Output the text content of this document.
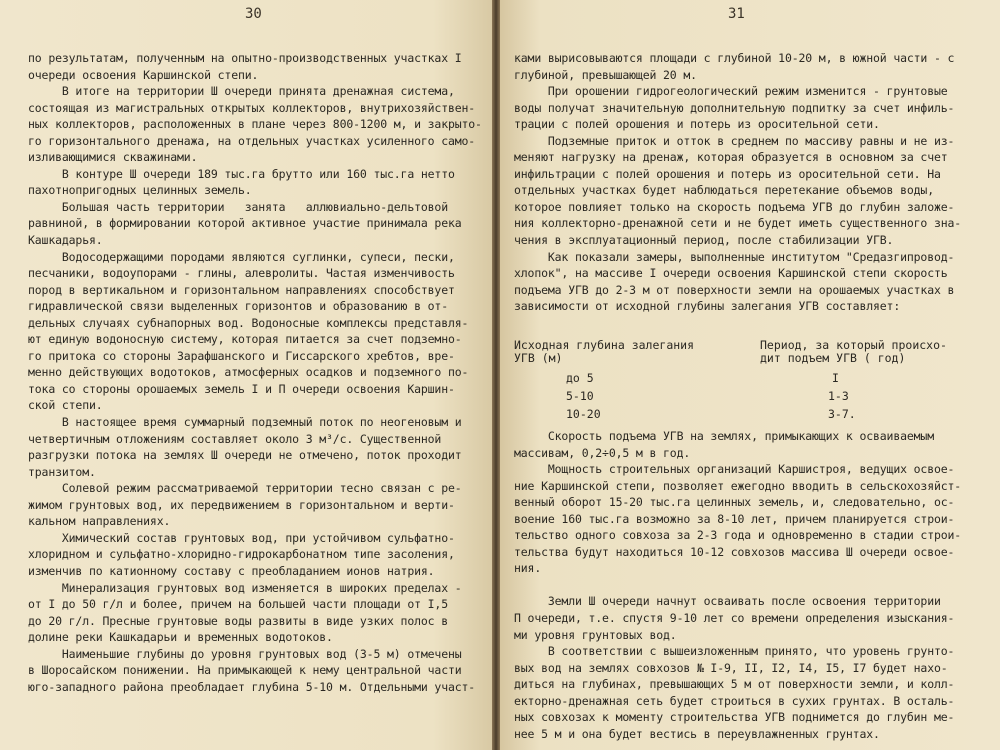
30
по результатам, полученным на опытно-производственных участках I
очереди освоения Каршинской степи.
В итоге на территории Ш очереди принята дренажная система,
состоящая из магистральных открытых коллекторов, внутрихозяйствен-
ных коллекторов, расположенных в плане через 800-1200 м, и закрыто-
го горизонтального дренажа, на отдельных участках усиленного само-
изливающимися скважинами.
В контуре Ш очереди 189 тыс.га брутто или 160 тыс.га нетто
пахотнопригодных целинных земель.
Большая часть территории   занята   аллювиально-дельтовой
равниной, в формировании которой активное участие принимала река
Кашкадарья.
Водосодержащими породами являются суглинки, супеси, пески,
песчаники, водоупорами - глины, алевролиты. Частая изменчивость
пород в вертикальном и горизонтальном направлениях способствует
гидравлической связи выделенных горизонтов и образованию в от-
дельных случаях субнапорных вод. Водоносные комплексы представля-
ют единую водоносную систему, которая питается за счет подземно-
го притока со стороны Зарафшанского и Гиссарского хребтов, вре-
менно действующих водотоков, атмосферных осадков и подземного по-
тока со стороны орошаемых земель I и П очереди освоения Каршин-
ской степи.
В настоящее время суммарный подземный поток по неогеновым и
четвертичным отложениям составляет около 3 м³/с. Существенной
разгрузки потока на землях Ш очереди не отмечено, поток проходит
транзитом.
Солевой режим рассматриваемой территории тесно связан с ре-
жимом грунтовых вод, их передвижением в горизонтальном и верти-
кальном направлениях.
Химический состав грунтовых вод, при устойчивом сульфатно-
хлоридном и сульфатно-хлоридно-гидрокарбонатном типе засоления,
изменчив по катионному составу с преобладанием ионов натрия.
Минерализация грунтовых вод изменяется в широких пределах -
от I до 50 г/л и более, причем на большей части площади от I,5
до 20 г/л. Пресные грунтовые воды развиты в виде узких полос в
долине реки Кашкадарьи и временных водотоков.
Наименьшие глубины до уровня грунтовых вод (3-5 м) отмечены
в Шоросайском понижении. На примыкающей к нему центральной части
юго-западного района преобладает глубина 5-10 м. Отдельными участ-
31
ками вырисовываются площади с глубиной 10-20 м, в южной части - с
глубиной, превышающей 20 м.
При орошении гидрогеологический режим изменится - грунтовые
воды получат значительную дополнительную подпитку за счет инфиль-
трации с полей орошения и потерь из оросительной сети.
Подземные приток и отток в среднем по массиву равны и не из-
меняют нагрузку на дренаж, которая образуется в основном за счет
инфильтрации с полей орошения и потерь из оросительной сети. На
отдельных участках будет наблюдаться перетекание объемов воды,
которое повлияет только на скорость подъема УГВ до глубин заложе-
ния коллекторно-дренажной сети и не будет иметь существенного зна-
чения в эксплуатационный период, после стабилизации УГВ.
Как показали замеры, выполненные институтом "Средазгипровод-
хлопок", на массиве I очереди освоения Каршинской степи скорость
подъема УГВ до 2-3 м от поверхности земли на орошаемых участках в
зависимости от исходной глубины залегания УГВ составляет:
Исходная глубина залегания
УГВ (м)
Период, за который происхо-
дит подъем УГВ ( год)
до 5	I
5-10	1-3
10-20	3-7.
Скорость подъема УГВ на землях, примыкающих к осваиваемым
массивам, 0,2÷0,5 м в год.
Мощность строительных организаций Каршистроя, ведущих освое-
ние Каршинской степи, позволяет ежегодно вводить в сельскохозяйст-
венный оборот 15-20 тыс.га целинных земель, и, следовательно, ос-
воение 160 тыс.га возможно за 8-10 лет, причем планируется строи-
тельство одного совхоза за 2-3 года и одновременно в стадии строи-
тельства будут находиться 10-12 совхозов массива Ш очереди освое-
ния.
Земли Ш очереди начнут осваивать после освоения территории
П очереди, т.е. спустя 9-10 лет со времени определения изыскания-
ми уровня грунтовых вод.
В соответствии с вышеизложенным принято, что уровень грунто-
вых вод на землях совхозов № I-9, II, I2, I4, I5, I7 будет нахо-
диться на глубинах, превышающих 5 м от поверхности земли, и колл-
екторно-дренажная сеть будет строиться в сухих грунтах. В осталь-
ных совхозах к моменту строительства УГВ поднимется до глубин ме-
нее 5 м и она будет вестись в переувлажненных грунтах.
